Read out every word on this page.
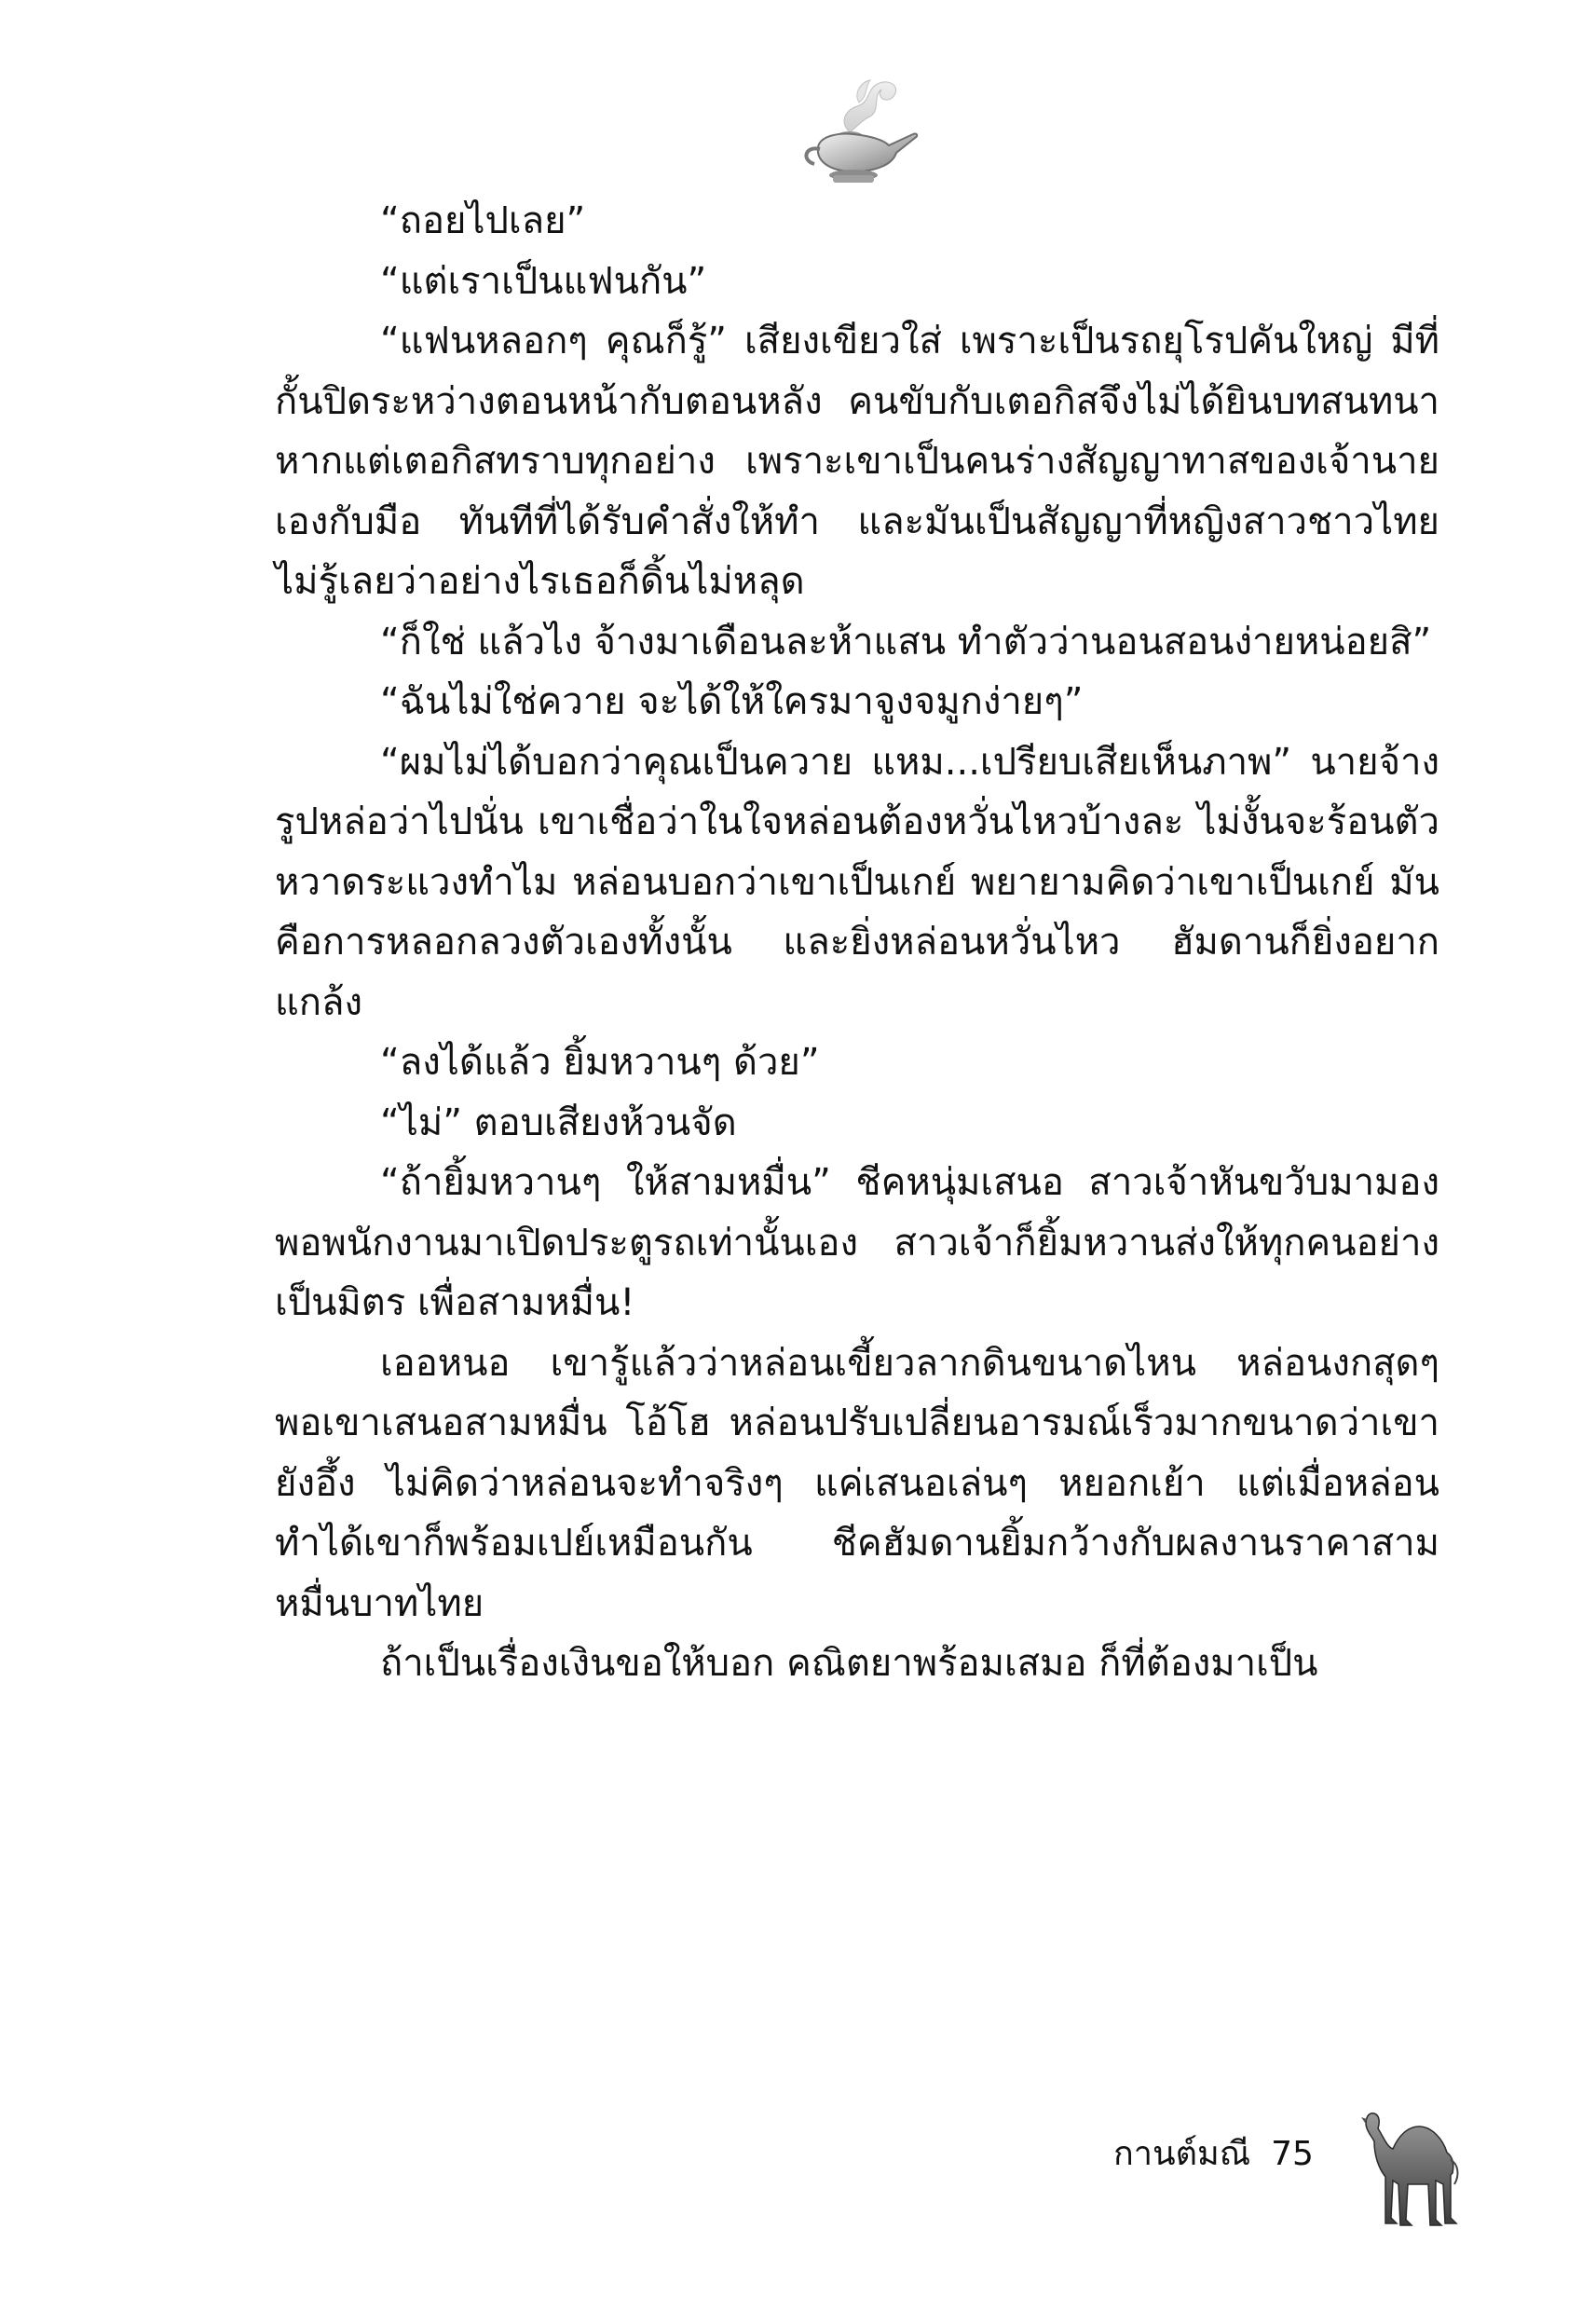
“ถอยไปเลย”

“แต่เราเป็นแฟนกัน”

“แฟนหลอกๆ คุณก็รู้” เสียงเขียวใส่ เพราะเป็นรถยุโรปคันใหญ่ มีที่กั้นปิดระหว่างตอนหน้ากับตอนหลัง คนขับกับเตอกิสจึงไม่ได้ยินบทสนทนา หากแต่เตอกิสทราบทุกอย่าง เพราะเขาเป็นคนร่างสัญญาทาสของเจ้านายเองกับมือ ทันทีที่ได้รับคำสั่งให้ทำ และมันเป็นสัญญาที่หญิงสาวชาวไทยไม่รู้เลยว่าอย่างไรเธอก็ดิ้นไม่หลุด

“ก็ใช่ แล้วไง จ้างมาเดือนละห้าแสน ทำตัวว่านอนสอนง่ายหน่อยสิ”

“ฉันไม่ใช่ควาย จะได้ให้ใครมาจูงจมูกง่ายๆ”

“ผมไม่ได้บอกว่าคุณเป็นควาย แหม...เปรียบเสียเห็นภาพ” นายจ้างรูปหล่อว่าไปนั่น เขาเชื่อว่าในใจหล่อนต้องหวั่นไหวบ้างละ ไม่งั้นจะร้อนตัวหวาดระแวงทำไม หล่อนบอกว่าเขาเป็นเกย์ พยายามคิดว่าเขาเป็นเกย์ มันคือการหลอกลวงตัวเองทั้งนั้น และยิ่งหล่อนหวั่นไหว ฮัมดานก็ยิ่งอยากแกล้ง

“ลงได้แล้ว ยิ้มหวานๆ ด้วย”

“ไม่” ตอบเสียงห้วนจัด

“ถ้ายิ้มหวานๆ ให้สามหมื่น” ชีคหนุ่มเสนอ สาวเจ้าหันขวับมามอง พอพนักงานมาเปิดประตูรถเท่านั้นเอง สาวเจ้าก็ยิ้มหวานส่งให้ทุกคนอย่างเป็นมิตร เพื่อสามหมื่น!

เออหนอ เขารู้แล้วว่าหล่อนเขี้ยวลากดินขนาดไหน หล่อนงกสุดๆ พอเขาเสนอสามหมื่น โอ้โฮ หล่อนปรับเปลี่ยนอารมณ์เร็วมากขนาดว่าเขายังอึ้ง ไม่คิดว่าหล่อนจะทำจริงๆ แค่เสนอเล่นๆ หยอกเย้า แต่เมื่อหล่อนทำได้เขาก็พร้อมเปย์เหมือนกัน ชีคฮัมดานยิ้มกว้างกับผลงานราคาสามหมื่นบาทไทย

ถ้าเป็นเรื่องเงินขอให้บอก คณิตยาพร้อมเสมอ ก็ที่ต้องมาเป็น

กานต์มณี 75
